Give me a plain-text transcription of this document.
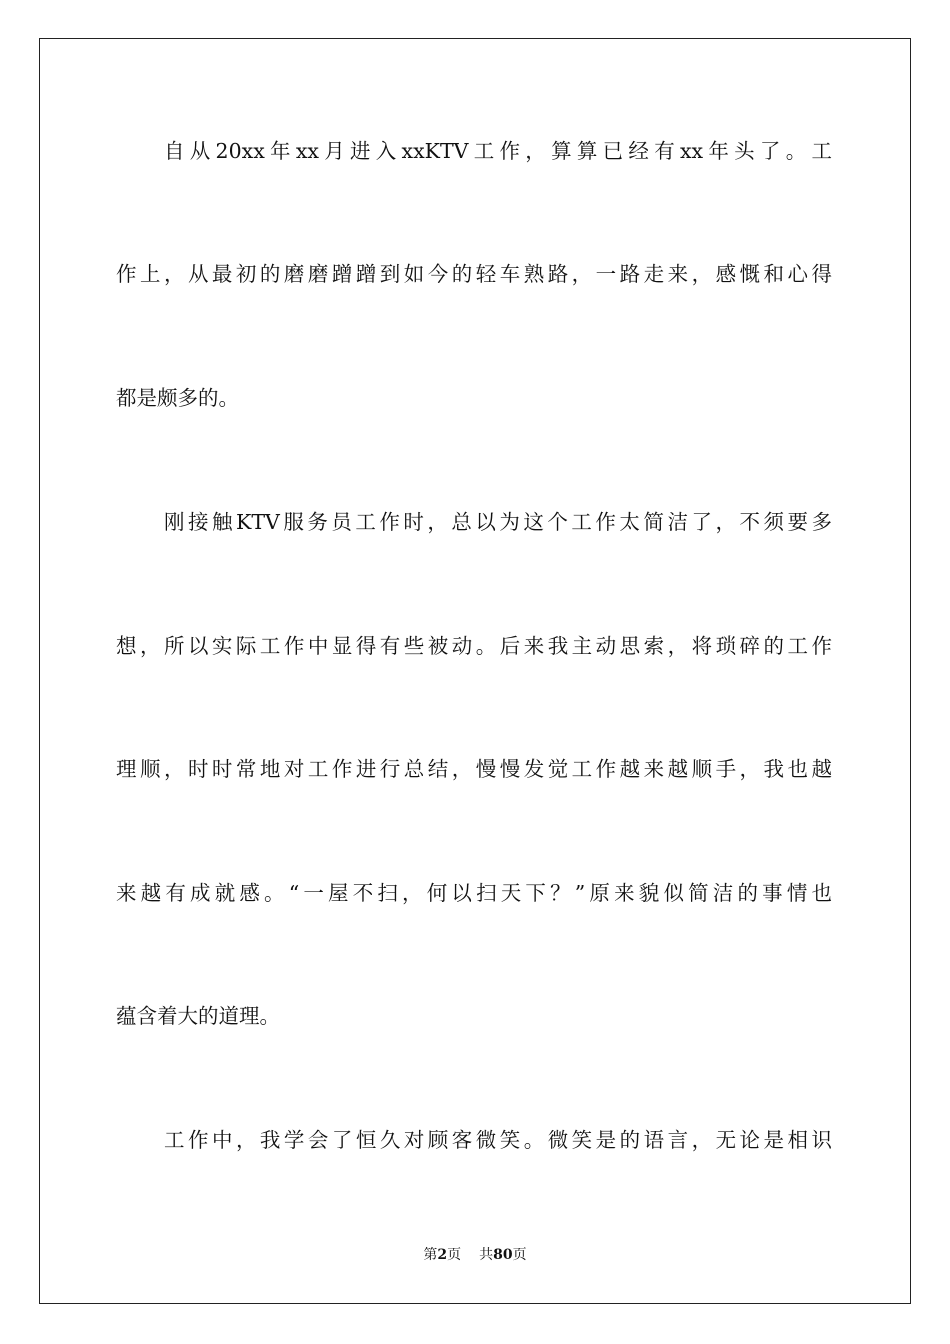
自从20xx年xx月进入xxKTV工作，算算已经有xx年头了。工
作上，从最初的磨磨蹭蹭到如今的轻车熟路，一路走来，感慨和心得
都是颇多的。
刚接触KTV服务员工作时，总以为这个工作太简洁了，不须要多
想，所以实际工作中显得有些被动。后来我主动思索，将琐碎的工作
理顺，时时常地对工作进行总结，慢慢发觉工作越来越顺手，我也越
来越有成就感。“一屋不扫，何以扫天下？”原来貌似简洁的事情也
蕴含着大的道理。
工作中，我学会了恒久对顾客微笑。微笑是的语言，无论是相识
第2页 共80页
